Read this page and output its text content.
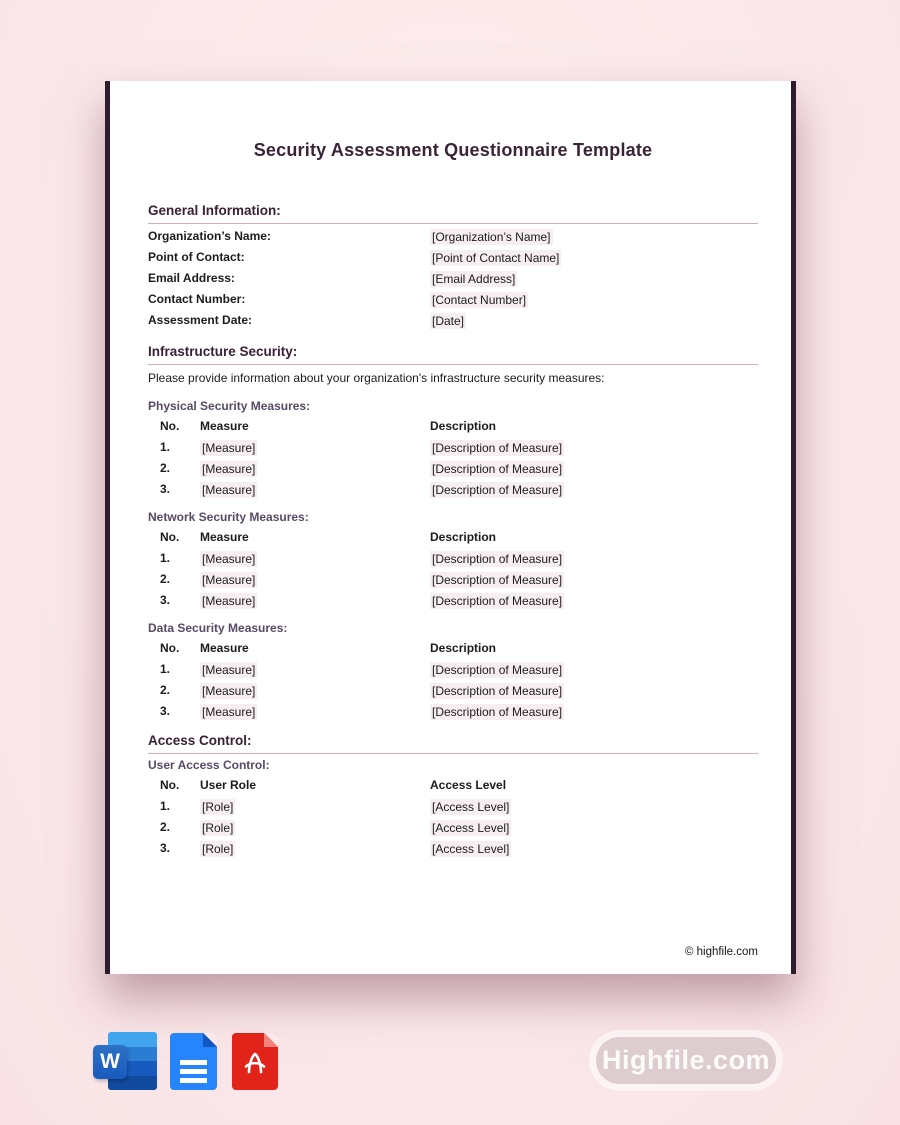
Security Assessment Questionnaire Template
General Information:
Organization’s Name:	[Organization’s Name]
Point of Contact:	[Point of Contact Name]
Email Address:	[Email Address]
Contact Number:	[Contact Number]
Assessment Date:	[Date]
Infrastructure Security:
Please provide information about your organization's infrastructure security measures:
Physical Security Measures:
No.	Measure	Description
1.	[Measure]	[Description of Measure]
2.	[Measure]	[Description of Measure]
3.	[Measure]	[Description of Measure]
Network Security Measures:
No.	Measure	Description
1.	[Measure]	[Description of Measure]
2.	[Measure]	[Description of Measure]
3.	[Measure]	[Description of Measure]
Data Security Measures:
No.	Measure	Description
1.	[Measure]	[Description of Measure]
2.	[Measure]	[Description of Measure]
3.	[Measure]	[Description of Measure]
Access Control:
User Access Control:
No.	User Role	Access Level
1.	[Role]	[Access Level]
2.	[Role]	[Access Level]
3.	[Role]	[Access Level]
© highfile.com
W	Highfile.com
